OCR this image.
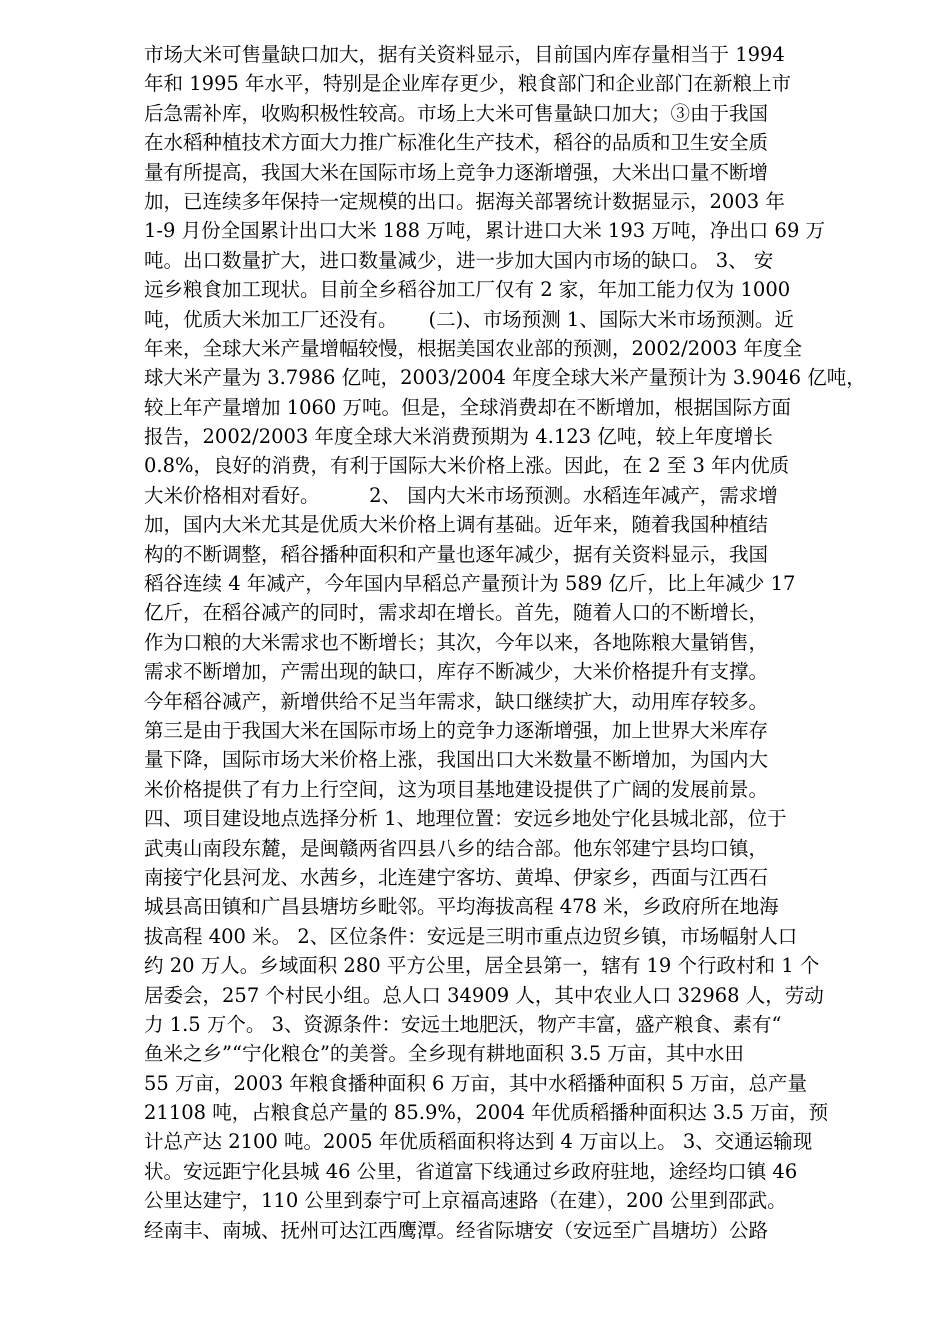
市场大米可售量缺口加大，据有关资料显示，目前国内库存量相当于 1994
年和 1995 年水平，特别是企业库存更少，粮食部门和企业部门在新粮上市
后急需补库，收购积极性较高。市场上大米可售量缺口加大；③由于我国
在水稻种植技术方面大力推广标准化生产技术，稻谷的品质和卫生安全质
量有所提高，我国大米在国际市场上竞争力逐渐增强，大米出口量不断增
加，已连续多年保持一定规模的出口。据海关部署统计数据显示，2003 年
1-9 月份全国累计出口大米 188 万吨，累计进口大米 193 万吨，净出口 69 万
吨。出口数量扩大，进口数量减少，进一步加大国内市场的缺口。 3、 安
远乡粮食加工现状。目前全乡稻谷加工厂仅有 2 家，年加工能力仅为 1000
吨，优质大米加工厂还没有。     (二)、市场预测 1、国际大米市场预测。近
年来，全球大米产量增幅较慢，根据美国农业部的预测，2002/2003 年度全
球大米产量为 3.7986 亿吨，2003/2004 年度全球大米产量预计为 3.9046 亿吨，
较上年产量增加 1060 万吨。但是，全球消费却在不断增加，根据国际方面
报告，2002/2003 年度全球大米消费预期为 4.123 亿吨，较上年度增长
0.8%，良好的消费，有利于国际大米价格上涨。因此，在 2 至 3 年内优质
大米价格相对看好。        2、 国内大米市场预测。水稻连年减产，需求增
加，国内大米尤其是优质大米价格上调有基础。近年来，随着我国种植结
构的不断调整，稻谷播种面积和产量也逐年减少，据有关资料显示，我国
稻谷连续 4 年减产，今年国内早稻总产量预计为 589 亿斤，比上年减少 17
亿斤，在稻谷减产的同时，需求却在增长。首先，随着人口的不断增长，
作为口粮的大米需求也不断增长；其次，今年以来，各地陈粮大量销售，
需求不断增加，产需出现的缺口，库存不断减少，大米价格提升有支撑。
今年稻谷减产，新增供给不足当年需求，缺口继续扩大，动用库存较多。
第三是由于我国大米在国际市场上的竞争力逐渐增强，加上世界大米库存
量下降，国际市场大米价格上涨，我国出口大米数量不断增加，为国内大
米价格提供了有力上行空间，这为项目基地建设提供了广阔的发展前景。
四、项目建设地点选择分析 1、地理位置：安远乡地处宁化县城北部，位于
武夷山南段东麓，是闽赣两省四县八乡的结合部。他东邻建宁县均口镇，
南接宁化县河龙、水茜乡，北连建宁客坊、黄埠、伊家乡，西面与江西石
城县高田镇和广昌县塘坊乡毗邻。平均海拔高程 478 米，乡政府所在地海
拔高程 400 米。 2、区位条件：安远是三明市重点边贸乡镇，市场幅射人口
约 20 万人。乡域面积 280 平方公里，居全县第一，辖有 19 个行政村和 1 个
居委会，257 个村民小组。总人口 34909 人，其中农业人口 32968 人，劳动
力 1.5 万个。 3、资源条件：安远土地肥沃，物产丰富，盛产粮食、素有“
鱼米之乡”“宁化粮仓”的美誉。全乡现有耕地面积 3.5 万亩，其中水田
55 万亩，2003 年粮食播种面积 6 万亩，其中水稻播种面积 5 万亩，总产量
21108 吨，占粮食总产量的 85.9%，2004 年优质稻播种面积达 3.5 万亩，预
计总产达 2100 吨。2005 年优质稻面积将达到 4 万亩以上。 3、交通运输现
状。安远距宁化县城 46 公里，省道富下线通过乡政府驻地，途经均口镇 46
公里达建宁，110 公里到泰宁可上京福高速路（在建），200 公里到邵武。
经南丰、南城、抚州可达江西鹰潭。经省际塘安（安远至广昌塘坊）公路
